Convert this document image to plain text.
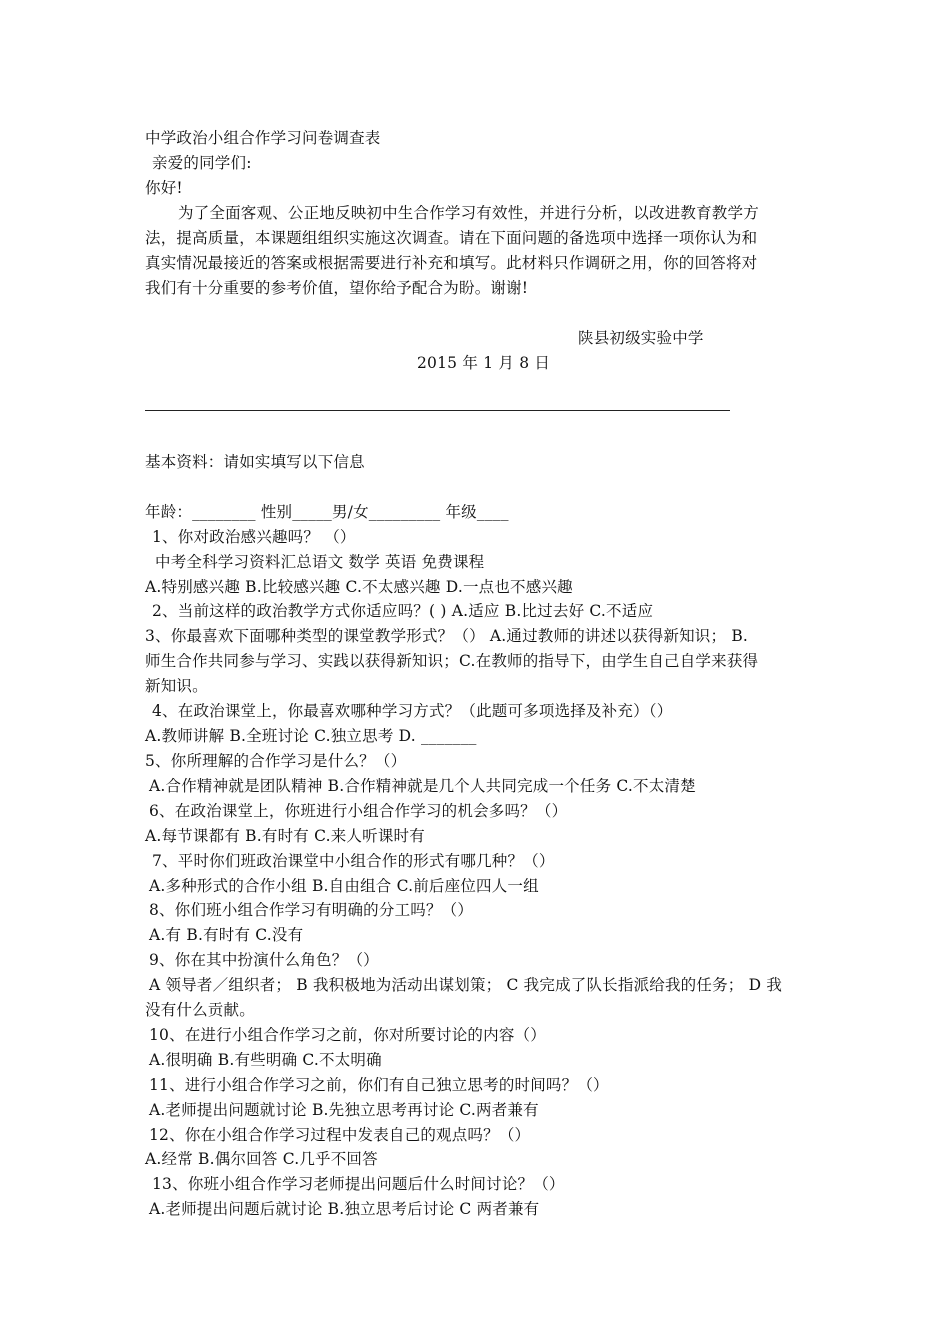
中学政治小组合作学习问卷调查表
亲爱的同学们:
你好!
为了全面客观、公正地反映初中生合作学习有效性，并进行分析，以改进教育教学方
法，提高质量，本课题组组织实施这次调查。请在下面问题的备选项中选择一项你认为和
真实情况最接近的答案或根据需要进行补充和填写。此材料只作调研之用，你的回答将对
我们有十分重要的参考价值，望你给予配合为盼。谢谢!
陕县初级实验中学
2015 年 1 月 8 日
基本资料：请如实填写以下信息
年龄：________ 性别_____男/女_________ 年级____
1、你对政治感兴趣吗？ （）
中考全科学习资料汇总语文 数学 英语 免费课程
A.特别感兴趣 B.比较感兴趣 C.不太感兴趣 D.一点也不感兴趣
2、当前这样的政治教学方式你适应吗？( ) A.适应 B.比过去好 C.不适应
3、你最喜欢下面哪种类型的课堂教学形式？（） A.通过教师的讲述以获得新知识； B.
师生合作共同参与学习、实践以获得新知识；C.在教师的指导下，由学生自己自学来获得
新知识。
4、在政治课堂上，你最喜欢哪种学习方式？（此题可多项选择及补充）（）
A.教师讲解 B.全班讨论 C.独立思考 D. _______
5、你所理解的合作学习是什么？（）
A.合作精神就是团队精神 B.合作精神就是几个人共同完成一个任务 C.不太清楚
6、在政治课堂上，你班进行小组合作学习的机会多吗？（）
A.每节课都有 B.有时有 C.来人听课时有
7、平时你们班政治课堂中小组合作的形式有哪几种？（）
A.多种形式的合作小组 B.自由组合 C.前后座位四人一组
8、你们班小组合作学习有明确的分工吗？（）
A.有 B.有时有 C.没有
9、你在其中扮演什么角色？（）
A 领导者／组织者； B 我积极地为活动出谋划策； C 我完成了队长指派给我的任务； D 我
没有什么贡献。
10、在进行小组合作学习之前，你对所要讨论的内容（）
A.很明确 B.有些明确 C.不太明确
11、进行小组合作学习之前，你们有自己独立思考的时间吗？（）
A.老师提出问题就讨论 B.先独立思考再讨论 C.两者兼有
12、你在小组合作学习过程中发表自己的观点吗？（）
A.经常 B.偶尔回答 C.几乎不回答
13、你班小组合作学习老师提出问题后什么时间讨论？（）
A.老师提出问题后就讨论 B.独立思考后讨论 C 两者兼有
